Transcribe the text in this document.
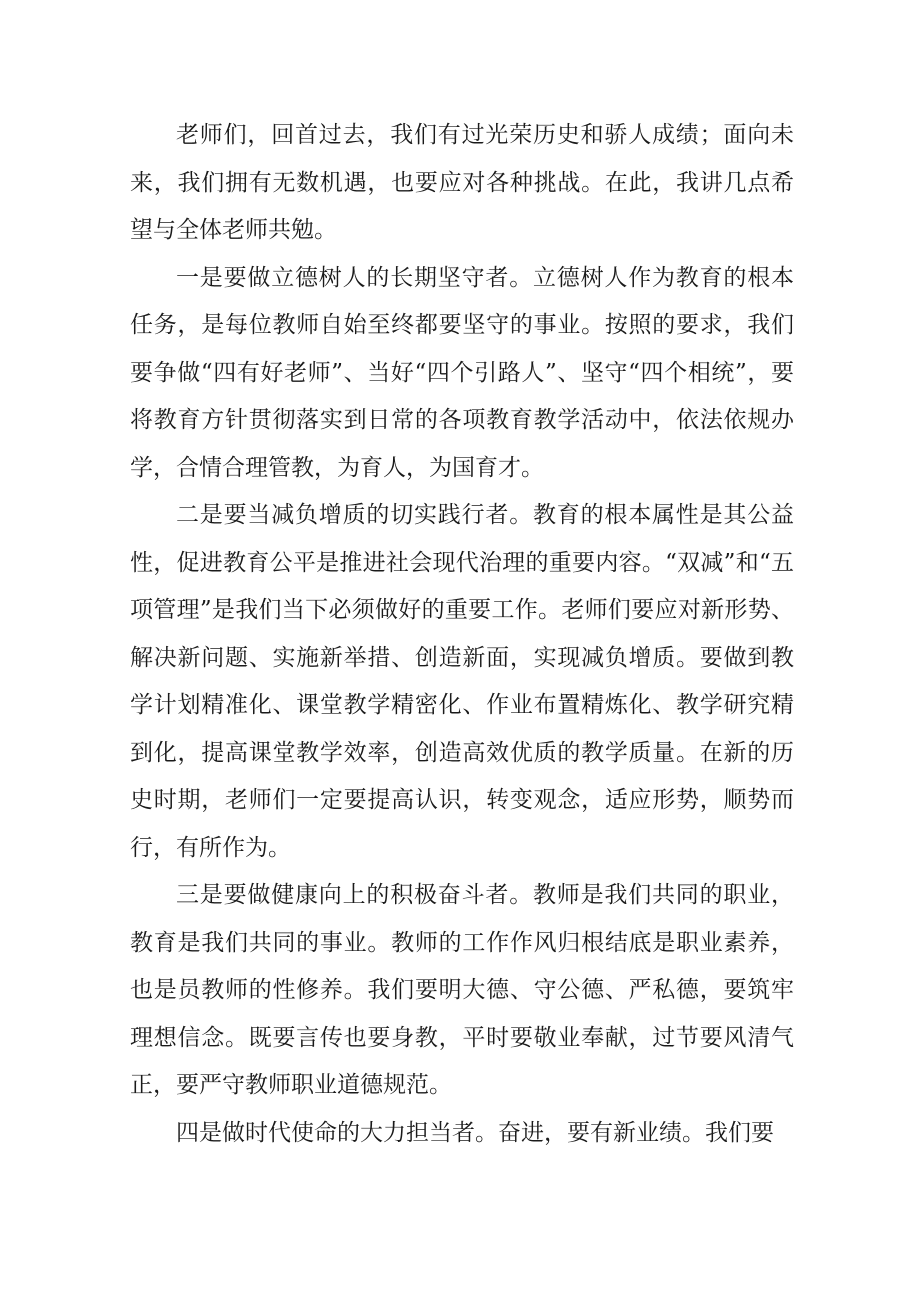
老师们，回首过去，我们有过光荣历史和骄人成绩；面向未来，我们拥有无数机遇，也要应对各种挑战。在此，我讲几点希望与全体老师共勉。

一是要做立德树人的长期坚守者。立德树人作为教育的根本任务，是每位教师自始至终都要坚守的事业。按照的要求，我们要争做“四有好老师”、当好“四个引路人”、坚守“四个相统”，要将教育方针贯彻落实到日常的各项教育教学活动中，依法依规办学，合情合理管教，为育人，为国育才。

二是要当减负增质的切实践行者。教育的根本属性是其公益性，促进教育公平是推进社会现代治理的重要内容。“双减”和“五项管理”是我们当下必须做好的重要工作。老师们要应对新形势、解决新问题、实施新举措、创造新面，实现减负增质。要做到教学计划精准化、课堂教学精密化、作业布置精炼化、教学研究精到化，提高课堂教学效率，创造高效优质的教学质量。在新的历史时期，老师们一定要提高认识，转变观念，适应形势，顺势而行，有所作为。

三是要做健康向上的积极奋斗者。教师是我们共同的职业，教育是我们共同的事业。教师的工作作风归根结底是职业素养，也是员教师的性修养。我们要明大德、守公德、严私德，要筑牢理想信念。既要言传也要身教，平时要敬业奉献，过节要风清气正，要严守教师职业道德规范。

四是做时代使命的大力担当者。奋进，要有新业绩。我们要
